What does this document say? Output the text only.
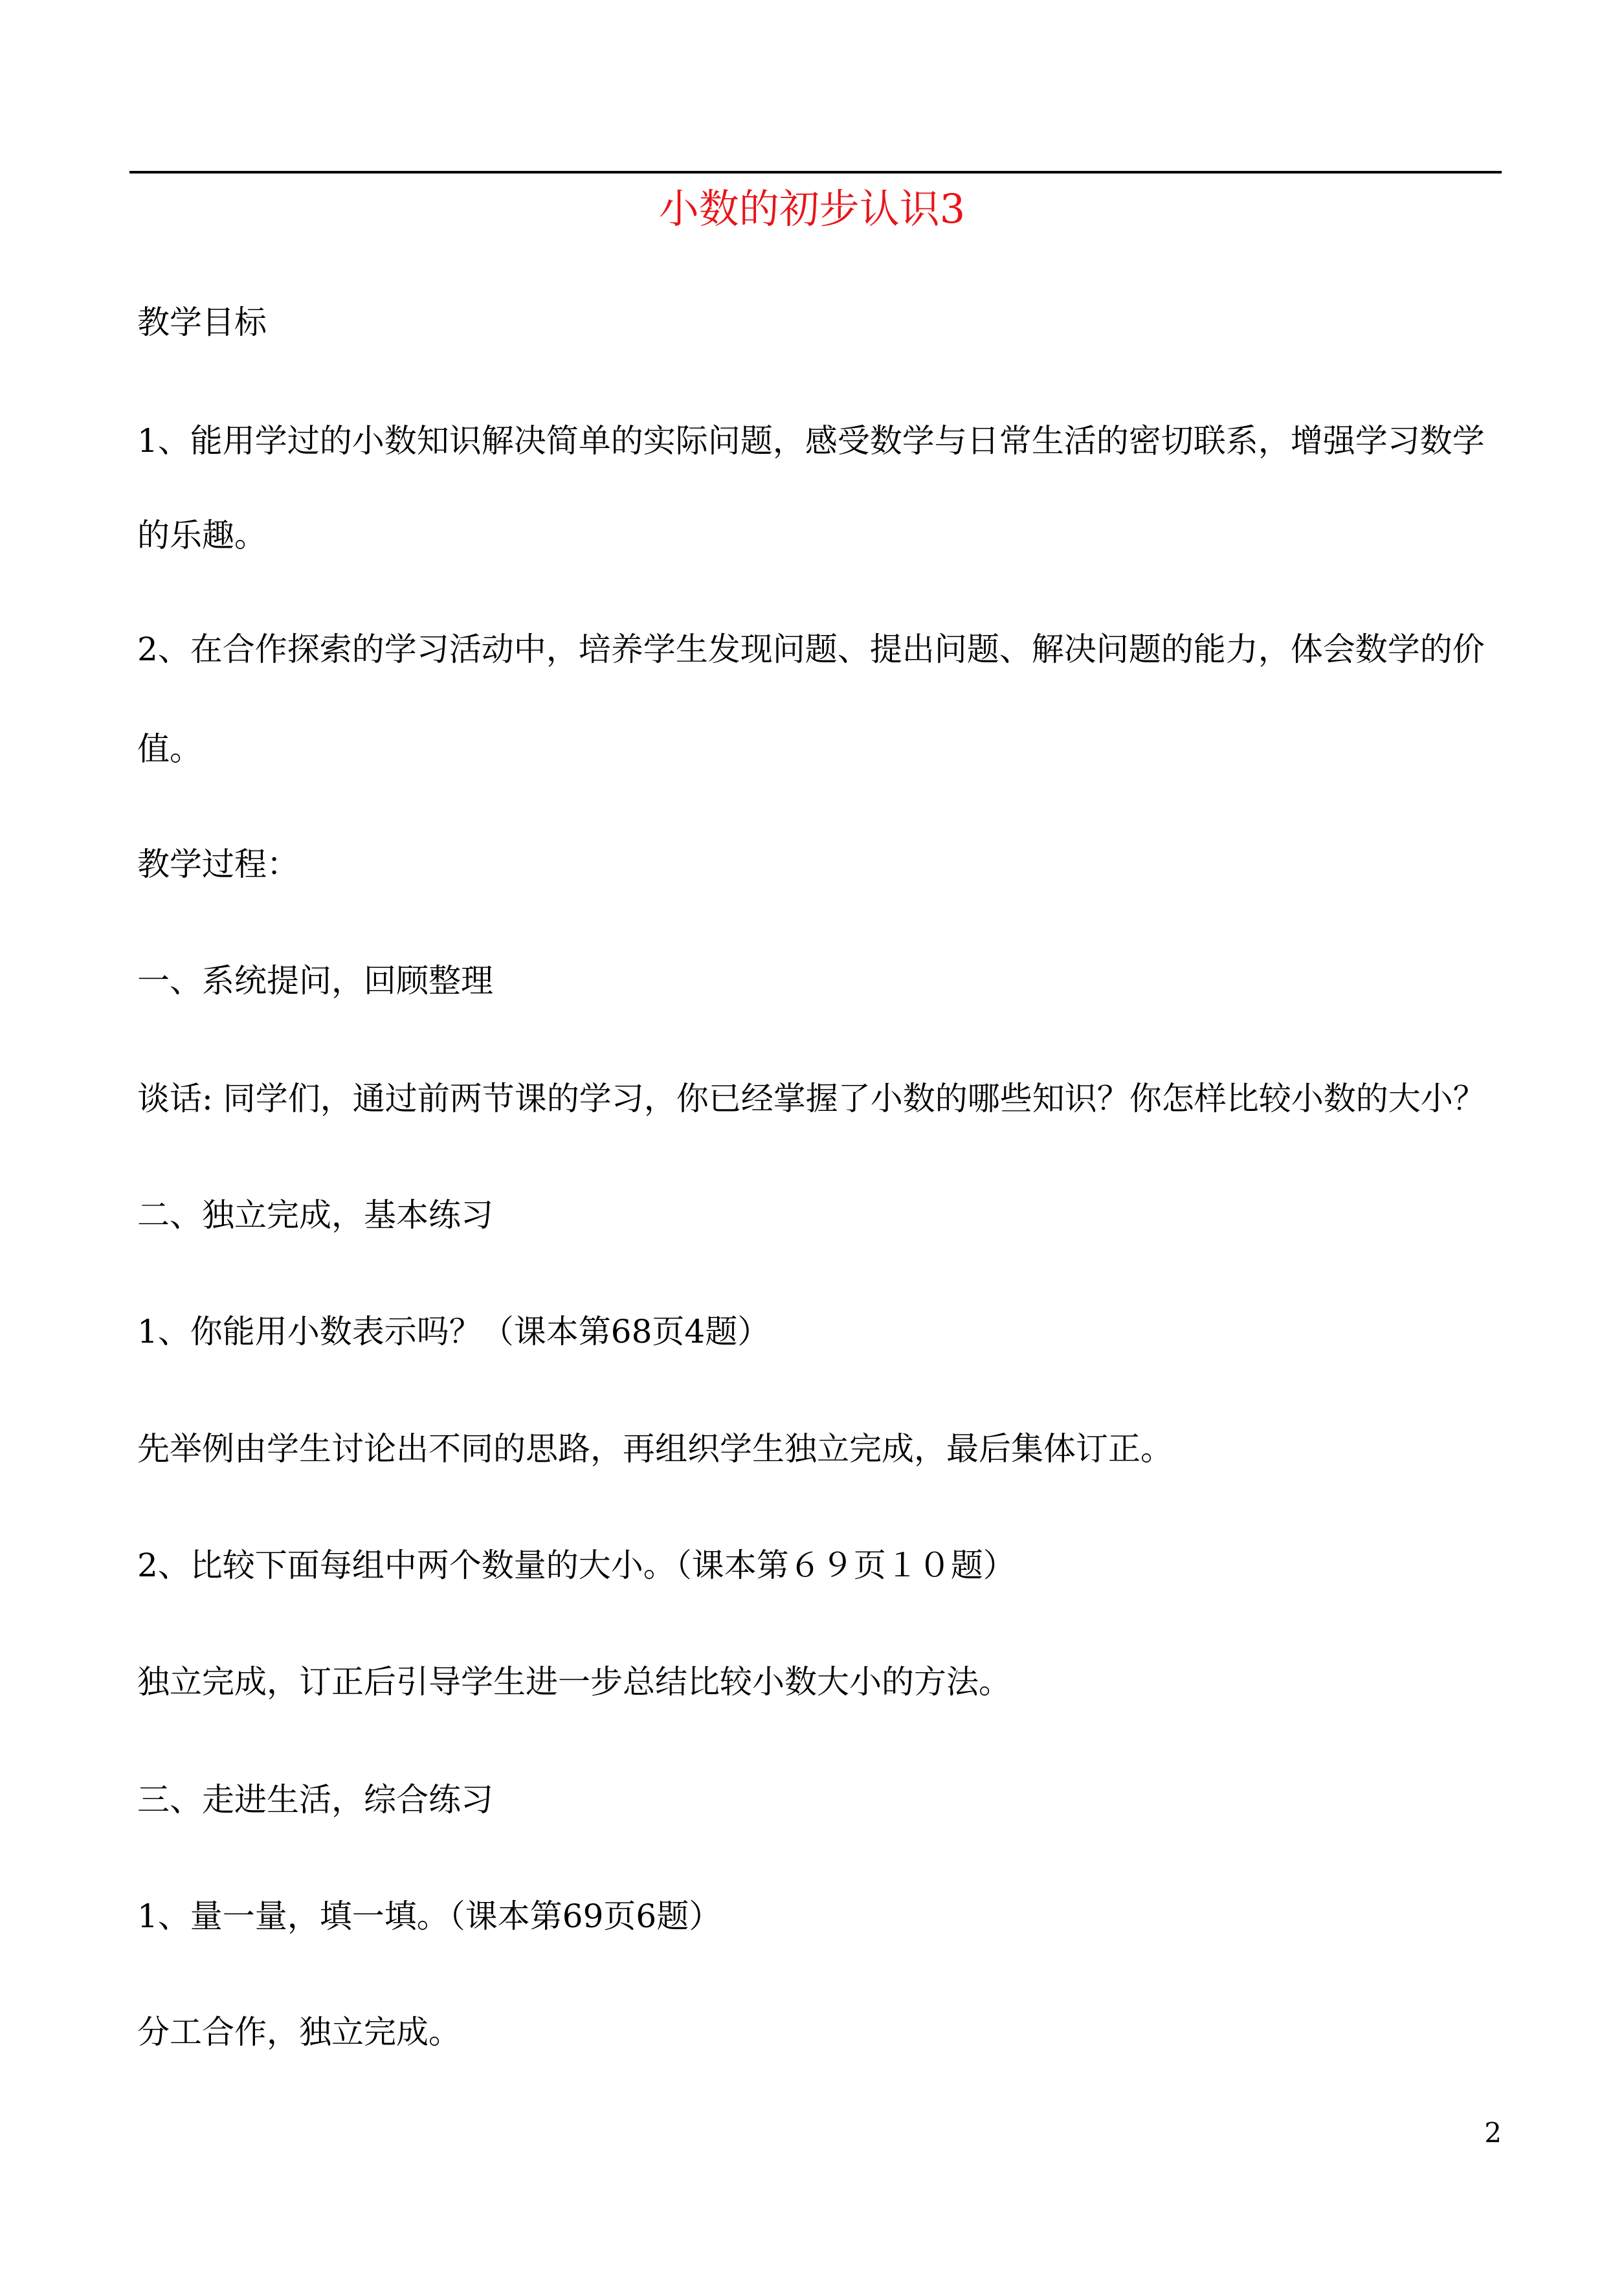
小数的初步认识3
教学目标
1、能用学过的小数知识解决简单的实际问题，感受数学与日常生活的密切联系，增强学习数学
的乐趣。
2、在合作探索的学习活动中，培养学生发现问题、提出问题、解决问题的能力，体会数学的价
值。
教学过程：
一、系统提问，回顾整理
谈话: 同学们，通过前两节课的学习，你已经掌握了小数的哪些知识？你怎样比较小数的大小？
二、独立完成，基本练习
1、你能用小数表示吗？（课本第68页4题）
先举例由学生讨论出不同的思路，再组织学生独立完成，最后集体订正。
2、比较下面每组中两个数量的大小。（课本第６９页１０题）
独立完成，订正后引导学生进一步总结比较小数大小的方法。
三、走进生活，综合练习
1、量一量，填一填。（课本第69页6题）
分工合作，独立完成。
2
